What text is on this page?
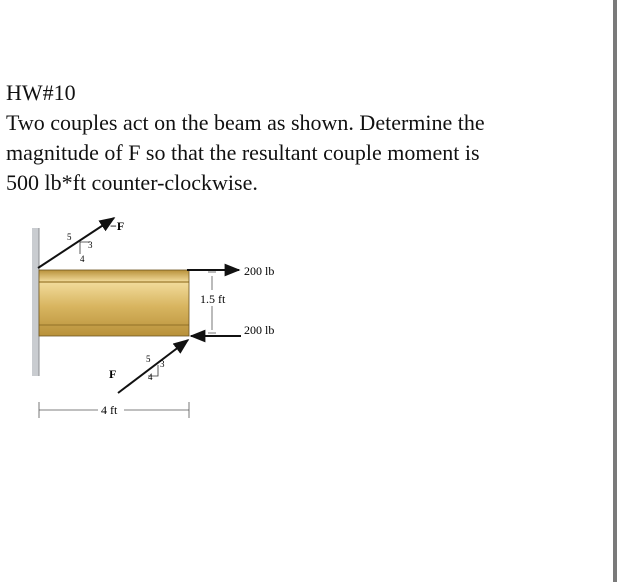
HW#10
Two couples act on the beam as shown. Determine the
magnitude of F so that the resultant couple moment is
500 lb*ft counter-clockwise.
−F
5
3
4
F
5 3
4
200 lb
200 lb
1.5 ft
4 ft
